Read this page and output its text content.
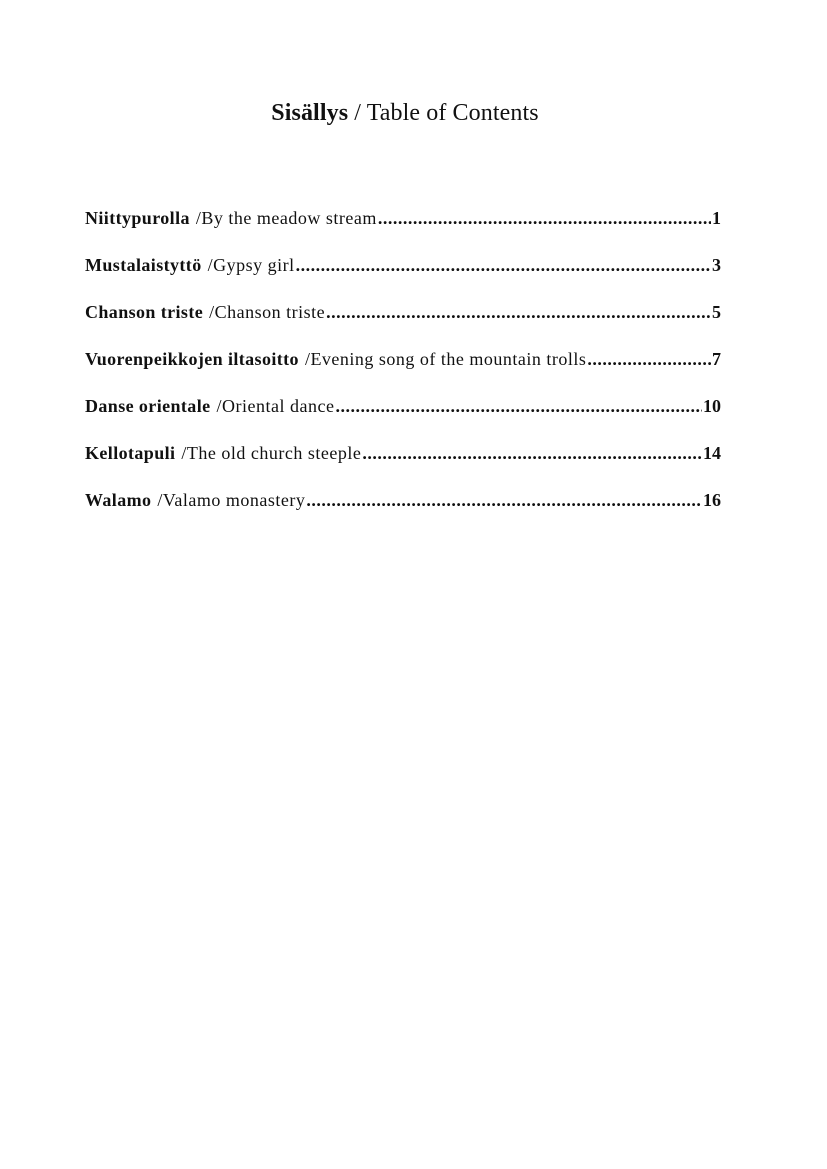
Sisällys / Table of Contents
Niittypurolla /By the meadow stream .....	1
Mustalaistyttö /Gypsy girl .....	3
Chanson triste /Chanson triste .....	5
Vuorenpeikkojen iltasoitto /Evening song of the mountain trolls .....	7
Danse orientale /Oriental dance .....	10
Kellotapuli /The old church steeple .....	14
Walamo /Valamo monastery .....	16
